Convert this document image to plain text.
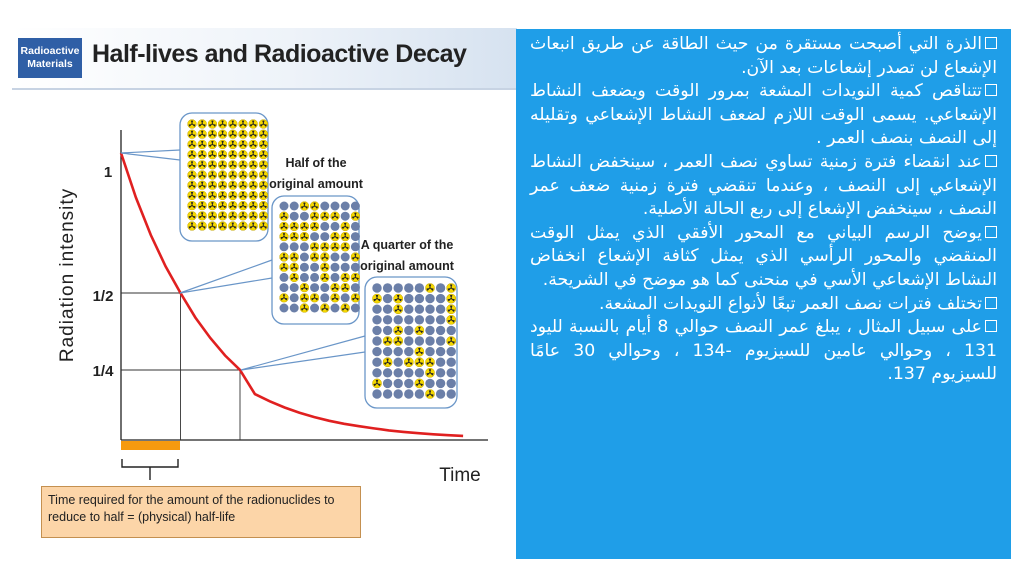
Radioactive
Materials Half-lives and Radioactive Decay
Radiation intensity
Time
1
1/2
1/4
Half of the
original amount
A quarter of the
original amount
Time required for the amount of the radionuclides to reduce to half = (physical) half-life
الذرة التي أصبحت مستقرة من حيث الطاقة عن طريق انبعاث الإشعاع لن تصدر إشعاعات بعد الآن.
تتناقص كمية النويدات المشعة بمرور الوقت ويضعف النشاط الإشعاعي. يسمى الوقت اللازم لضعف النشاط الإشعاعي وتقليله إلى النصف بنصف العمر .
عند انقضاء فترة زمنية تساوي نصف العمر ، سينخفض النشاط الإشعاعي إلى النصف ، وعندما تنقضي فترة زمنية ضعف عمر النصف ، سينخفض الإشعاع إلى ربع الحالة الأصلية.
يوضح الرسم البياني مع المحور الأفقي الذي يمثل الوقت المنقضي والمحور الرأسي الذي يمثل كثافة الإشعاع انخفاض النشاط الإشعاعي الأسي في منحنى كما هو موضح في الشريحة.
تختلف فترات نصف العمر تبعًا لأنواع النويدات المشعة.
على سبيل المثال ، يبلغ عمر النصف حوالي 8 أيام بالنسبة لليود 131 ، وحوالي عامين للسيزيوم -134 ، وحوالي 30 عامًا للسيزيوم 137.
